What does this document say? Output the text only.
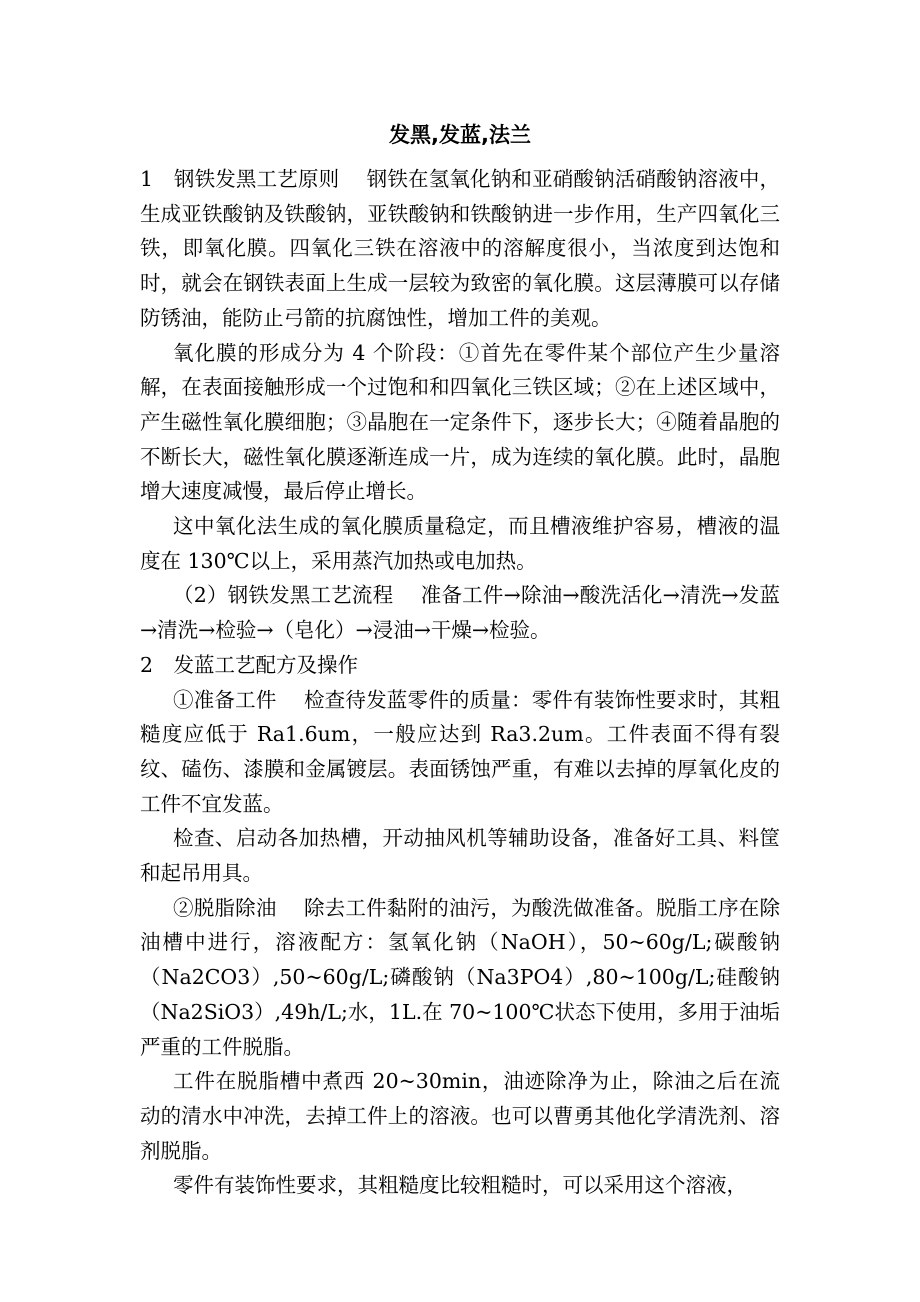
发黑,发蓝,法兰

1　钢铁发黑工艺原则　 钢铁在氢氧化钠和亚硝酸钠活硝酸钠溶液中，生成亚铁酸钠及铁酸钠，亚铁酸钠和铁酸钠进一步作用，生产四氧化三铁，即氧化膜。四氧化三铁在溶液中的溶解度很小，当浓度到达饱和时，就会在钢铁表面上生成一层较为致密的氧化膜。这层薄膜可以存储防锈油，能防止弓箭的抗腐蚀性，增加工件的美观。

氧化膜的形成分为 4 个阶段：①首先在零件某个部位产生少量溶解，在表面接触形成一个过饱和和四氧化三铁区域；②在上述区域中，产生磁性氧化膜细胞；③晶胞在一定条件下，逐步长大；④随着晶胞的不断长大，磁性氧化膜逐渐连成一片，成为连续的氧化膜。此时，晶胞增大速度减慢，最后停止增长。

这中氧化法生成的氧化膜质量稳定，而且槽液维护容易，槽液的温度在 130℃以上，采用蒸汽加热或电加热。

（2）钢铁发黑工艺流程　 准备工件→除油→酸洗活化→清洗→发蓝→清洗→检验→（皂化）→浸油→干燥→检验。

2　发蓝工艺配方及操作

①准备工件　 检查待发蓝零件的质量：零件有装饰性要求时，其粗糙度应低于 Ra1.6um，一般应达到 Ra3.2um。工件表面不得有裂纹、磕伤、漆膜和金属镀层。表面锈蚀严重，有难以去掉的厚氧化皮的工件不宜发蓝。

检查、启动各加热槽，开动抽风机等辅助设备，准备好工具、料筐和起吊用具。

②脱脂除油　 除去工件黏附的油污，为酸洗做准备。脱脂工序在除油槽中进行，溶液配方：氢氧化钠（NaOH），50~60g/L;碳酸钠（Na2CO3）,50~60g/L;磷酸钠（Na3PO4）,80~100g/L;硅酸钠（Na2SiO3）,49h/L;水，1L.在 70~100℃状态下使用，多用于油垢严重的工件脱脂。

工件在脱脂槽中煮西 20~30min，油迹除净为止，除油之后在流动的清水中冲洗，去掉工件上的溶液。也可以曹勇其他化学清洗剂、溶剂脱脂。

零件有装饰性要求，其粗糙度比较粗糙时，可以采用这个溶液，
